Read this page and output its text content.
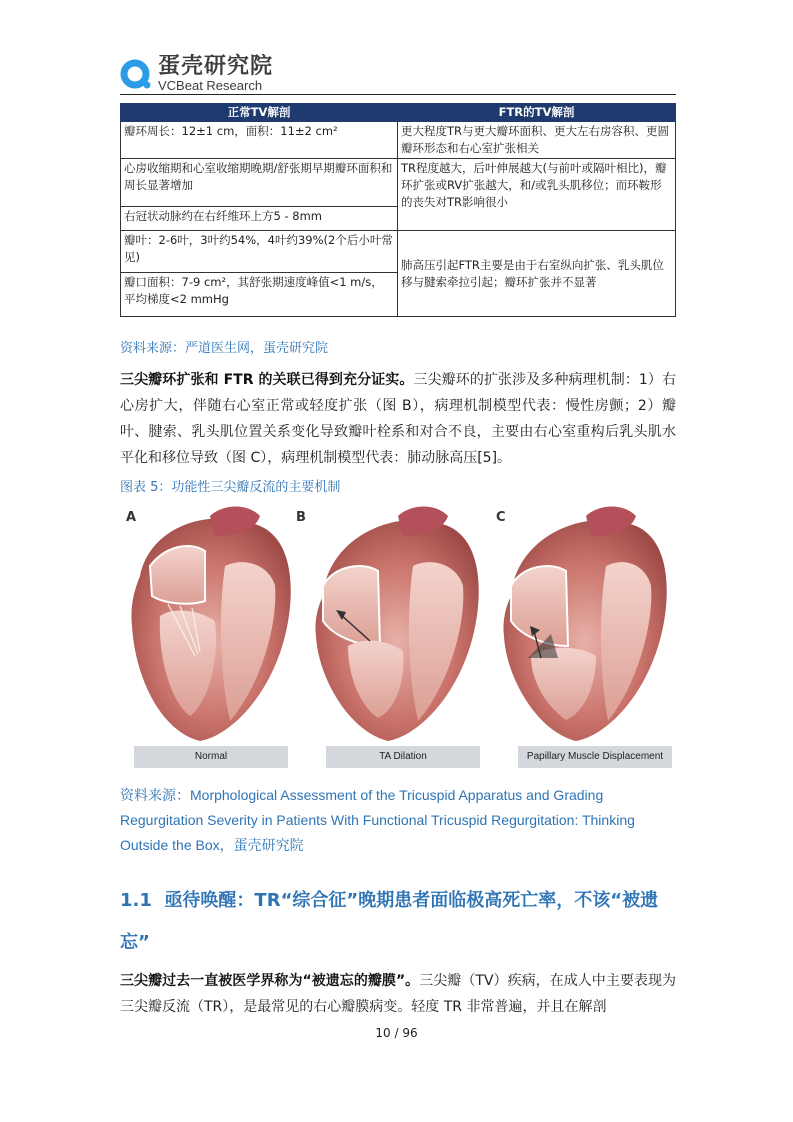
蛋壳研究院
VCBeat Research
正常TV解剖	FTR的TV解剖
瓣环周长：12±1 cm，面积：11±2 cm²	更大程度TR与更大瓣环面积、更大左右房容积、更圆瓣环形态和右心室扩张相关
心房收缩期和心室收缩期晚期/舒张期早期瓣环面积和周长显著增加	TR程度越大，后叶伸展越大(与前叶或隔叶相比)，瓣环扩张或RV扩张越大，和/或乳头肌移位；而环鞍形的丧失对TR影响很小
右冠状动脉约在右纤维环上方5 - 8mm	
瓣叶：2-6叶，3叶约54%，4叶约39%(2个后小叶常见)	肺高压引起FTR主要是由于右室纵向扩张、乳头肌位移与腱索牵拉引起；瓣环扩张并不显著
瓣口面积：7-9 cm²，其舒张期速度峰值<1 m/s，平均梯度<2 mmHg	
资料来源：严道医生网，蛋壳研究院
三尖瓣环扩张和 FTR 的关联已得到充分证实。三尖瓣环的扩张涉及多种病理机制：1）右心房扩大，伴随右心室正常或轻度扩张（图 B），病理机制模型代表：慢性房颤；2）瓣叶、腱索、乳头肌位置关系变化导致瓣叶栓系和对合不良，主要由右心室重构后乳头肌水平化和移位导致（图 C），病理机制模型代表：肺动脉高压[5]。
图表 5：功能性三尖瓣反流的主要机制
A	B	C
Normal	TA Dilation	Papillary Muscle Displacement
资料来源：Morphological Assessment of the Tricuspid Apparatus and Grading Regurgitation Severity in Patients With Functional Tricuspid Regurgitation: Thinking Outside the Box，蛋壳研究院
1.1 亟待唤醒：TR“综合征”晚期患者面临极高死亡率，不该“被遗忘”
三尖瓣过去一直被医学界称为“被遗忘的瓣膜”。三尖瓣（TV）疾病，在成人中主要表现为三尖瓣反流（TR），是最常见的右心瓣膜病变。轻度 TR 非常普遍，并且在解剖
10 / 96
